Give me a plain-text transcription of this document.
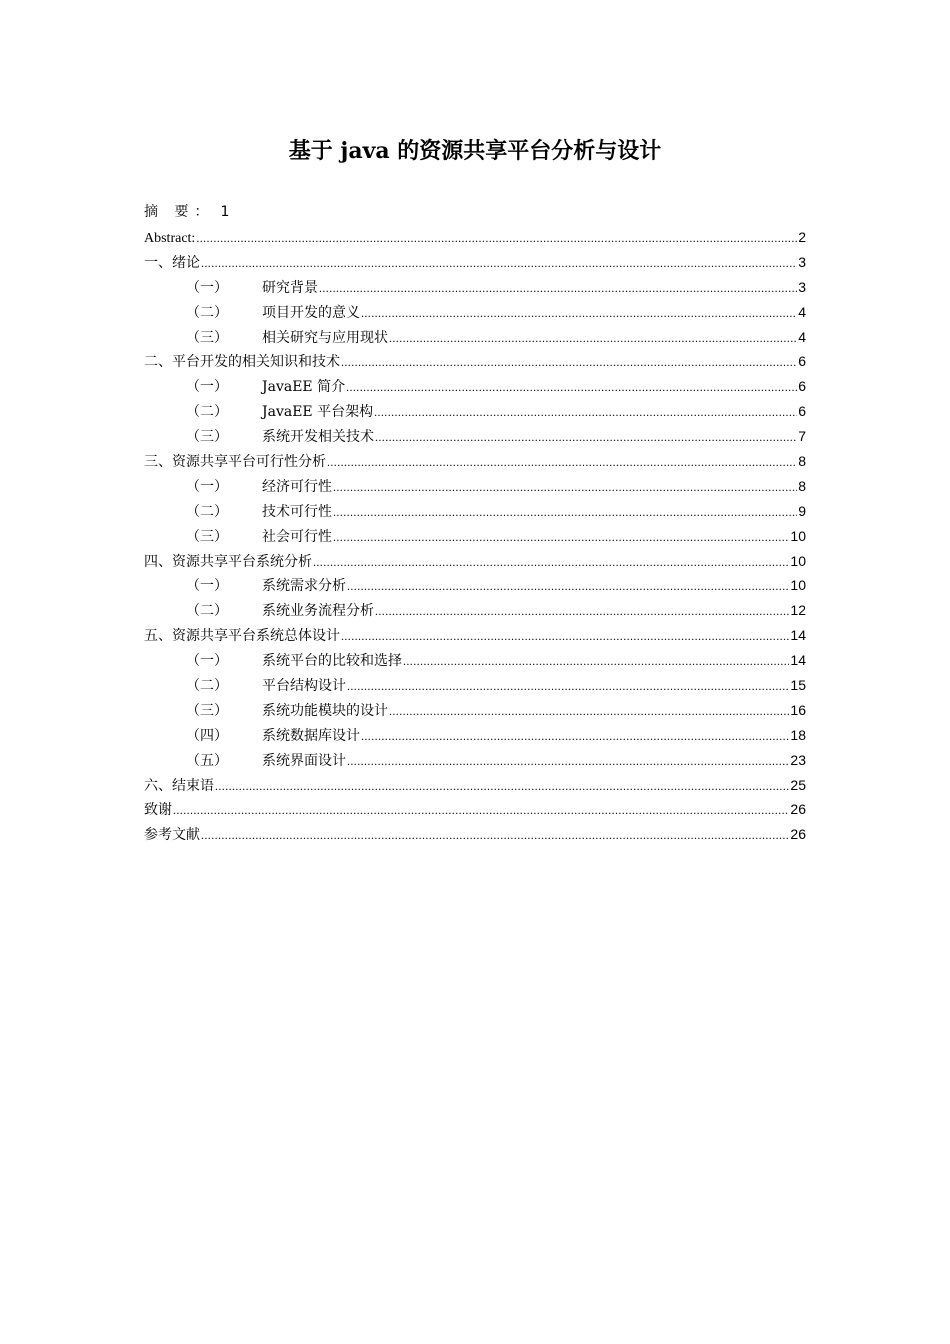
基于 java 的资源共享平台分析与设计
摘 要： 1
Abstract: .....	2
一、绪论 .....	3
（一）	研究背景 .....	3
（二）	项目开发的意义 .....	4
（三）	相关研究与应用现状 .....	4
二、平台开发的相关知识和技术 .....	6
（一）	JavaEE 简介 .....	6
（二）	JavaEE 平台架构 .....	6
（三）	系统开发相关技术 .....	7
三、资源共享平台可行性分析 .....	8
（一）	经济可行性 .....	8
（二）	技术可行性 .....	9
（三）	社会可行性 .....	10
四、资源共享平台系统分析 .....	10
（一）	系统需求分析 .....	10
（二）	系统业务流程分析 .....	12
五、资源共享平台系统总体设计 .....	14
（一）	系统平台的比较和选择 .....	14
（二）	平台结构设计 .....	15
（三）	系统功能模块的设计 .....	16
（四）	系统数据库设计 .....	18
（五）	系统界面设计 .....	23
六、结束语 .....	25
致谢 .....	26
参考文献 .....	26
